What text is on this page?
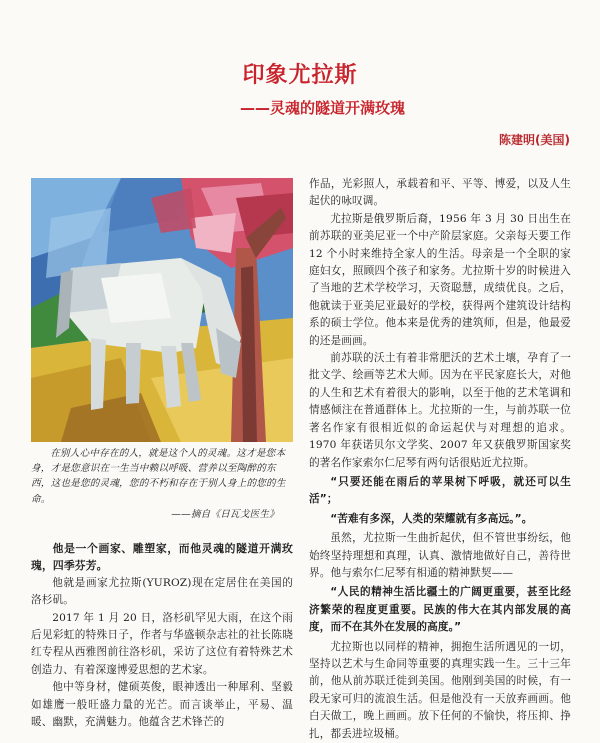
印象尤拉斯
——灵魂的隧道开满玫瑰
陈建明(美国)

在别人心中存在的人，就是这个人的灵魂。这才是您本身，才是您意识在一生当中赖以呼吸、营养以至陶醉的东西，这也是您的灵魂，您的不朽和存在于别人身上的您的生命。

——摘自《日瓦戈医生》

他是一个画家、雕塑家，而他灵魂的隧道开满玫瑰，四季芬芳。

他就是画家尤拉斯(YUROZ)现在定居住在美国的洛杉矶。

2017 年 1 月 20 日，洛杉矶罕见大雨，在这个雨后见彩虹的特殊日子，作者与华盛顿杂志社的社长陈晓红专程从西雅图前往洛杉矶，采访了这位有着特殊艺术创造力、有着深邃博爱思想的艺术家。

他中等身材，健硕英俊，眼神透出一种犀利、坚毅如雄鹰一般旺盛力量的光芒。而言谈举止，平易、温暖、幽默，充满魅力。他蕴含艺术锋芒的

作品，光彩照人，承载着和平、平等、博爱，以及人生起伏的咏叹调。

尤拉斯是俄罗斯后裔，1956 年 3 月 30 日出生在前苏联的亚美尼亚一个中产阶层家庭。父亲每天要工作 12 个小时来维持全家人的生活。母亲是一个全职的家庭妇女，照顾四个孩子和家务。尤拉斯十岁的时候进入了当地的艺术学校学习，天资聪慧，成绩优良。之后，他就读于亚美尼亚最好的学校，获得两个建筑设计结构系的硕士学位。他本来是优秀的建筑师，但是，他最爱的还是画画。

前苏联的沃土有着非常肥沃的艺术土壤，孕育了一批文学、绘画等艺术大师。因为在平民家庭长大，对他的人生和艺术有着很大的影响，以至于他的艺术笔调和情感倾注在普通群体上。尤拉斯的一生，与前苏联一位著名作家有很相近似的命运起伏与对理想的追求。1970 年获诺贝尔文学奖、2007 年又获俄罗斯国家奖的著名作家索尔仁尼琴有两句话很贴近尤拉斯。

“只要还能在雨后的苹果树下呼吸，就还可以生活”；

“苦难有多深，人类的荣耀就有多高远。”。

虽然，尤拉斯一生曲折起伏，但不管世事纷纭，他始终坚持理想和真理，认真、激情地做好自己，善待世界。他与索尔仁尼琴有相通的精神默契——

“人民的精神生活比疆土的广阔更重要，甚至比经济繁荣的程度更重要。民族的伟大在其内部发展的高度，而不在其外在发展的高度。”

尤拉斯也以同样的精神，拥抱生活所遇见的一切，坚持以艺术与生命同等重要的真理实践一生。三十三年前，他从前苏联迁徙到美国。他刚到美国的时候，有一段无家可归的流浪生活。但是他没有一天放弃画画。他白天做工，晚上画画。放下任何的不愉快，将压抑、挣扎，都丢进垃圾桶。
